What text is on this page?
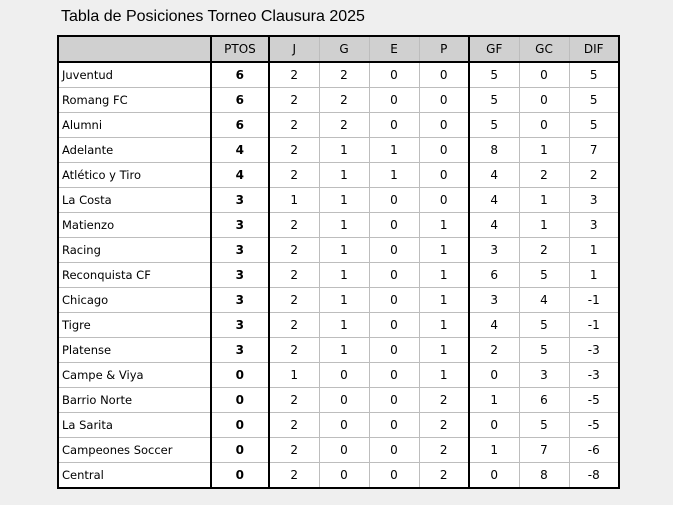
Tabla de Posiciones Torneo Clausura 2025
	PTOS	J	G	E	P	GF	GC	DIF
Juventud	6	2	2	0	0	5	0	5
Romang FC	6	2	2	0	0	5	0	5
Alumni	6	2	2	0	0	5	0	5
Adelante	4	2	1	1	0	8	1	7
Atlético y Tiro	4	2	1	1	0	4	2	2
La Costa	3	1	1	0	0	4	1	3
Matienzo	3	2	1	0	1	4	1	3
Racing	3	2	1	0	1	3	2	1
Reconquista CF	3	2	1	0	1	6	5	1
Chicago	3	2	1	0	1	3	4	-1
Tigre	3	2	1	0	1	4	5	-1
Platense	3	2	1	0	1	2	5	-3
Campe & Viya	0	1	0	0	1	0	3	-3
Barrio Norte	0	2	0	0	2	1	6	-5
La Sarita	0	2	0	0	2	0	5	-5
Campeones Soccer	0	2	0	0	2	1	7	-6
Central	0	2	0	0	2	0	8	-8
